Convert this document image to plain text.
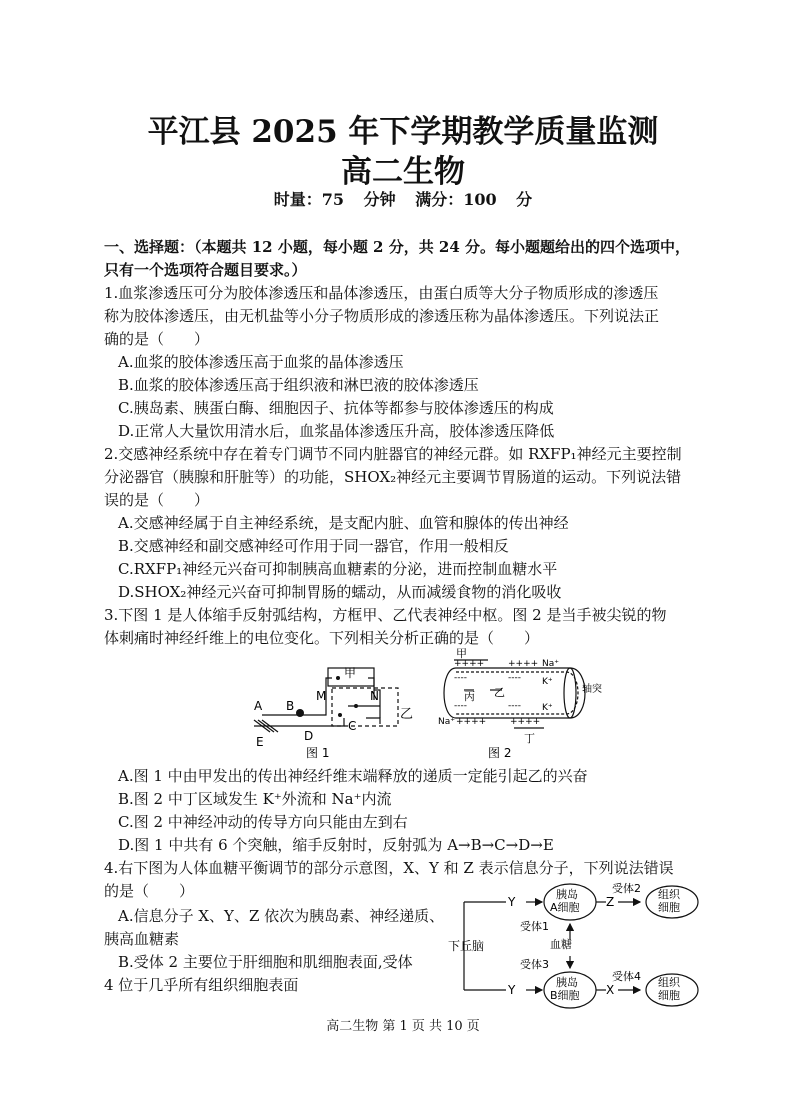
平江县 2025 年下学期教学质量监测
高二生物
时量：75 分钟 满分：100 分
一、选择题：（本题共 12 小题，每小题 2 分，共 24 分。每小题题给出的四个选项中，
只有一个选项符合题目要求。）
1.血浆渗透压可分为胶体渗透压和晶体渗透压，由蛋白质等大分子物质形成的渗透压
称为胶体渗透压，由无机盐等小分子物质形成的渗透压称为晶体渗透压。下列说法正
确的是（　　）
A.血浆的胶体渗透压高于血浆的晶体渗透压
B.血浆的胶体渗透压高于组织液和淋巴液的胶体渗透压
C.胰岛素、胰蛋白酶、细胞因子、抗体等都参与胶体渗透压的构成
D.正常人大量饮用清水后，血浆晶体渗透压升高，胶体渗透压降低
2.交感神经系统中存在着专门调节不同内脏器官的神经元群。如 RXFP₁神经元主要控制
分泌器官（胰腺和肝脏等）的功能，SHOX₂神经元主要调节胃肠道的运动。下列说法错
误的是（　　）
A.交感神经属于自主神经系统，是支配内脏、血管和腺体的传出神经
B.交感神经和副交感神经可作用于同一器官，作用一般相反
C.RXFP₁神经元兴奋可抑制胰高血糖素的分泌，进而控制血糖水平
D.SHOX₂神经元兴奋可抑制胃肠的蠕动，从而减缓食物的消化吸收
3.下图 1 是人体缩手反射弧结构，方框甲、乙代表神经中枢。图 2 是当手被尖锐的物
体刺痛时神经纤维上的电位变化。下列相关分析正确的是（　　）
甲
乙
A B
C
D
E
M	N
图 1
甲
++++	++++ Na⁺
----	---- K⁺
丙 乙	轴突
----	---- K⁺
Na⁺ ++++	++++
丁
图 2
A.图 1 中由甲发出的传出神经纤维末端释放的递质一定能引起乙的兴奋
B.图 2 中丁区域发生 K⁺外流和 Na⁺内流
C.图 2 中神经冲动的传导方向只能由左到右
D.图 1 中共有 6 个突触，缩手反射时，反射弧为 A→B→C→D→E
4.右下图为人体血糖平衡调节的部分示意图，X、Y 和 Z 表示信息分子，下列说法错误
的是（　　）
A.信息分子 X、Y、Z 依次为胰岛素、神经递质、
胰高血糖素
B.受体 2 主要位于肝细胞和肌细胞表面,受体
4 位于几乎所有组织细胞表面
Y
Y
Z
X
下丘脑
胰岛
A细胞
胰岛
B细胞
受体1
受体3
血糖
受体2
受体4
组织
细胞
组织
细胞
高二生物 第 1 页 共 10 页
